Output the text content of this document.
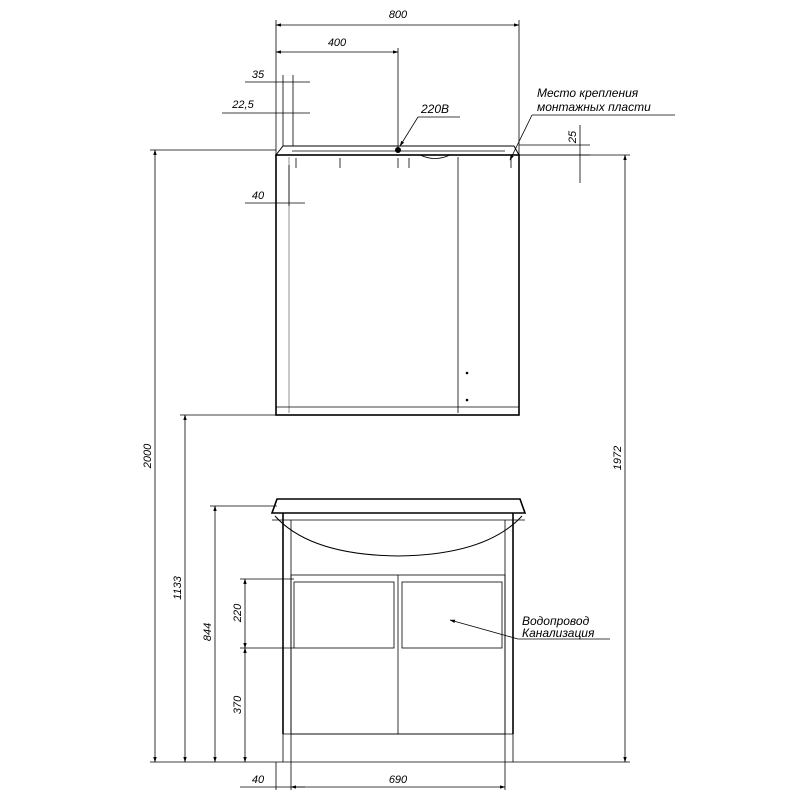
800
400
35
22,5
40
25
2000
1133
844
220
370
1972
40	690
220В
Место крепления
монтажных пласти
Водопровод
Канализация
